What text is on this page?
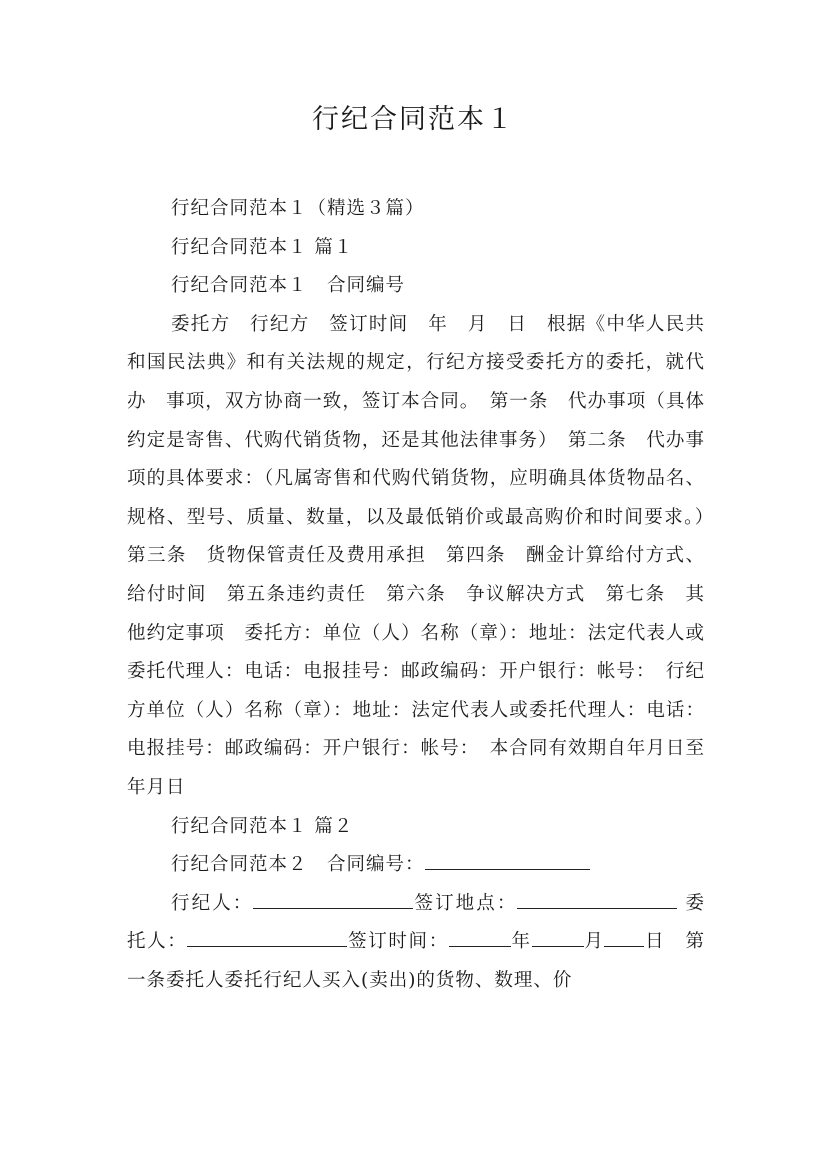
行纪合同范本１

行纪合同范本１（精选３篇）

行纪合同范本１ 篇１

行纪合同范本１　合同编号

委托方　行纪方　签订时间　年　月　日　根据《中华人民共和国民法典》和有关法规的规定，行纪方接受委托方的委托，就代办　事项，双方协商一致，签订本合同。　第一条　代办事项（具体约定是寄售、代购代销货物，还是其他法律事务）　第二条　代办事项的具体要求：（凡属寄售和代购代销货物，应明确具体货物品名、规格、型号、质量、数量，以及最低销价或最高购价和时间要求。）　第三条　货物保管责任及费用承担　第四条　酬金计算给付方式、给付时间　第五条违约责任　第六条　争议解决方式　第七条　其他约定事项　委托方：单位（人）名称（章）：地址：法定代表人或委托代理人：电话：电报挂号：邮政编码：开户银行：帐号：　行纪方单位（人）名称（章）：地址：法定代表人或委托代理人：电话：电报挂号：邮政编码：开户银行：帐号：　本合同有效期自年月日至　年月日

行纪合同范本１ 篇２

行纪合同范本２　合同编号：

行纪人：	签订地点：	委托人：	签订时间：	年	月 日　第一条委托人委托行纪人买入(卖出)的货物、数理、价
